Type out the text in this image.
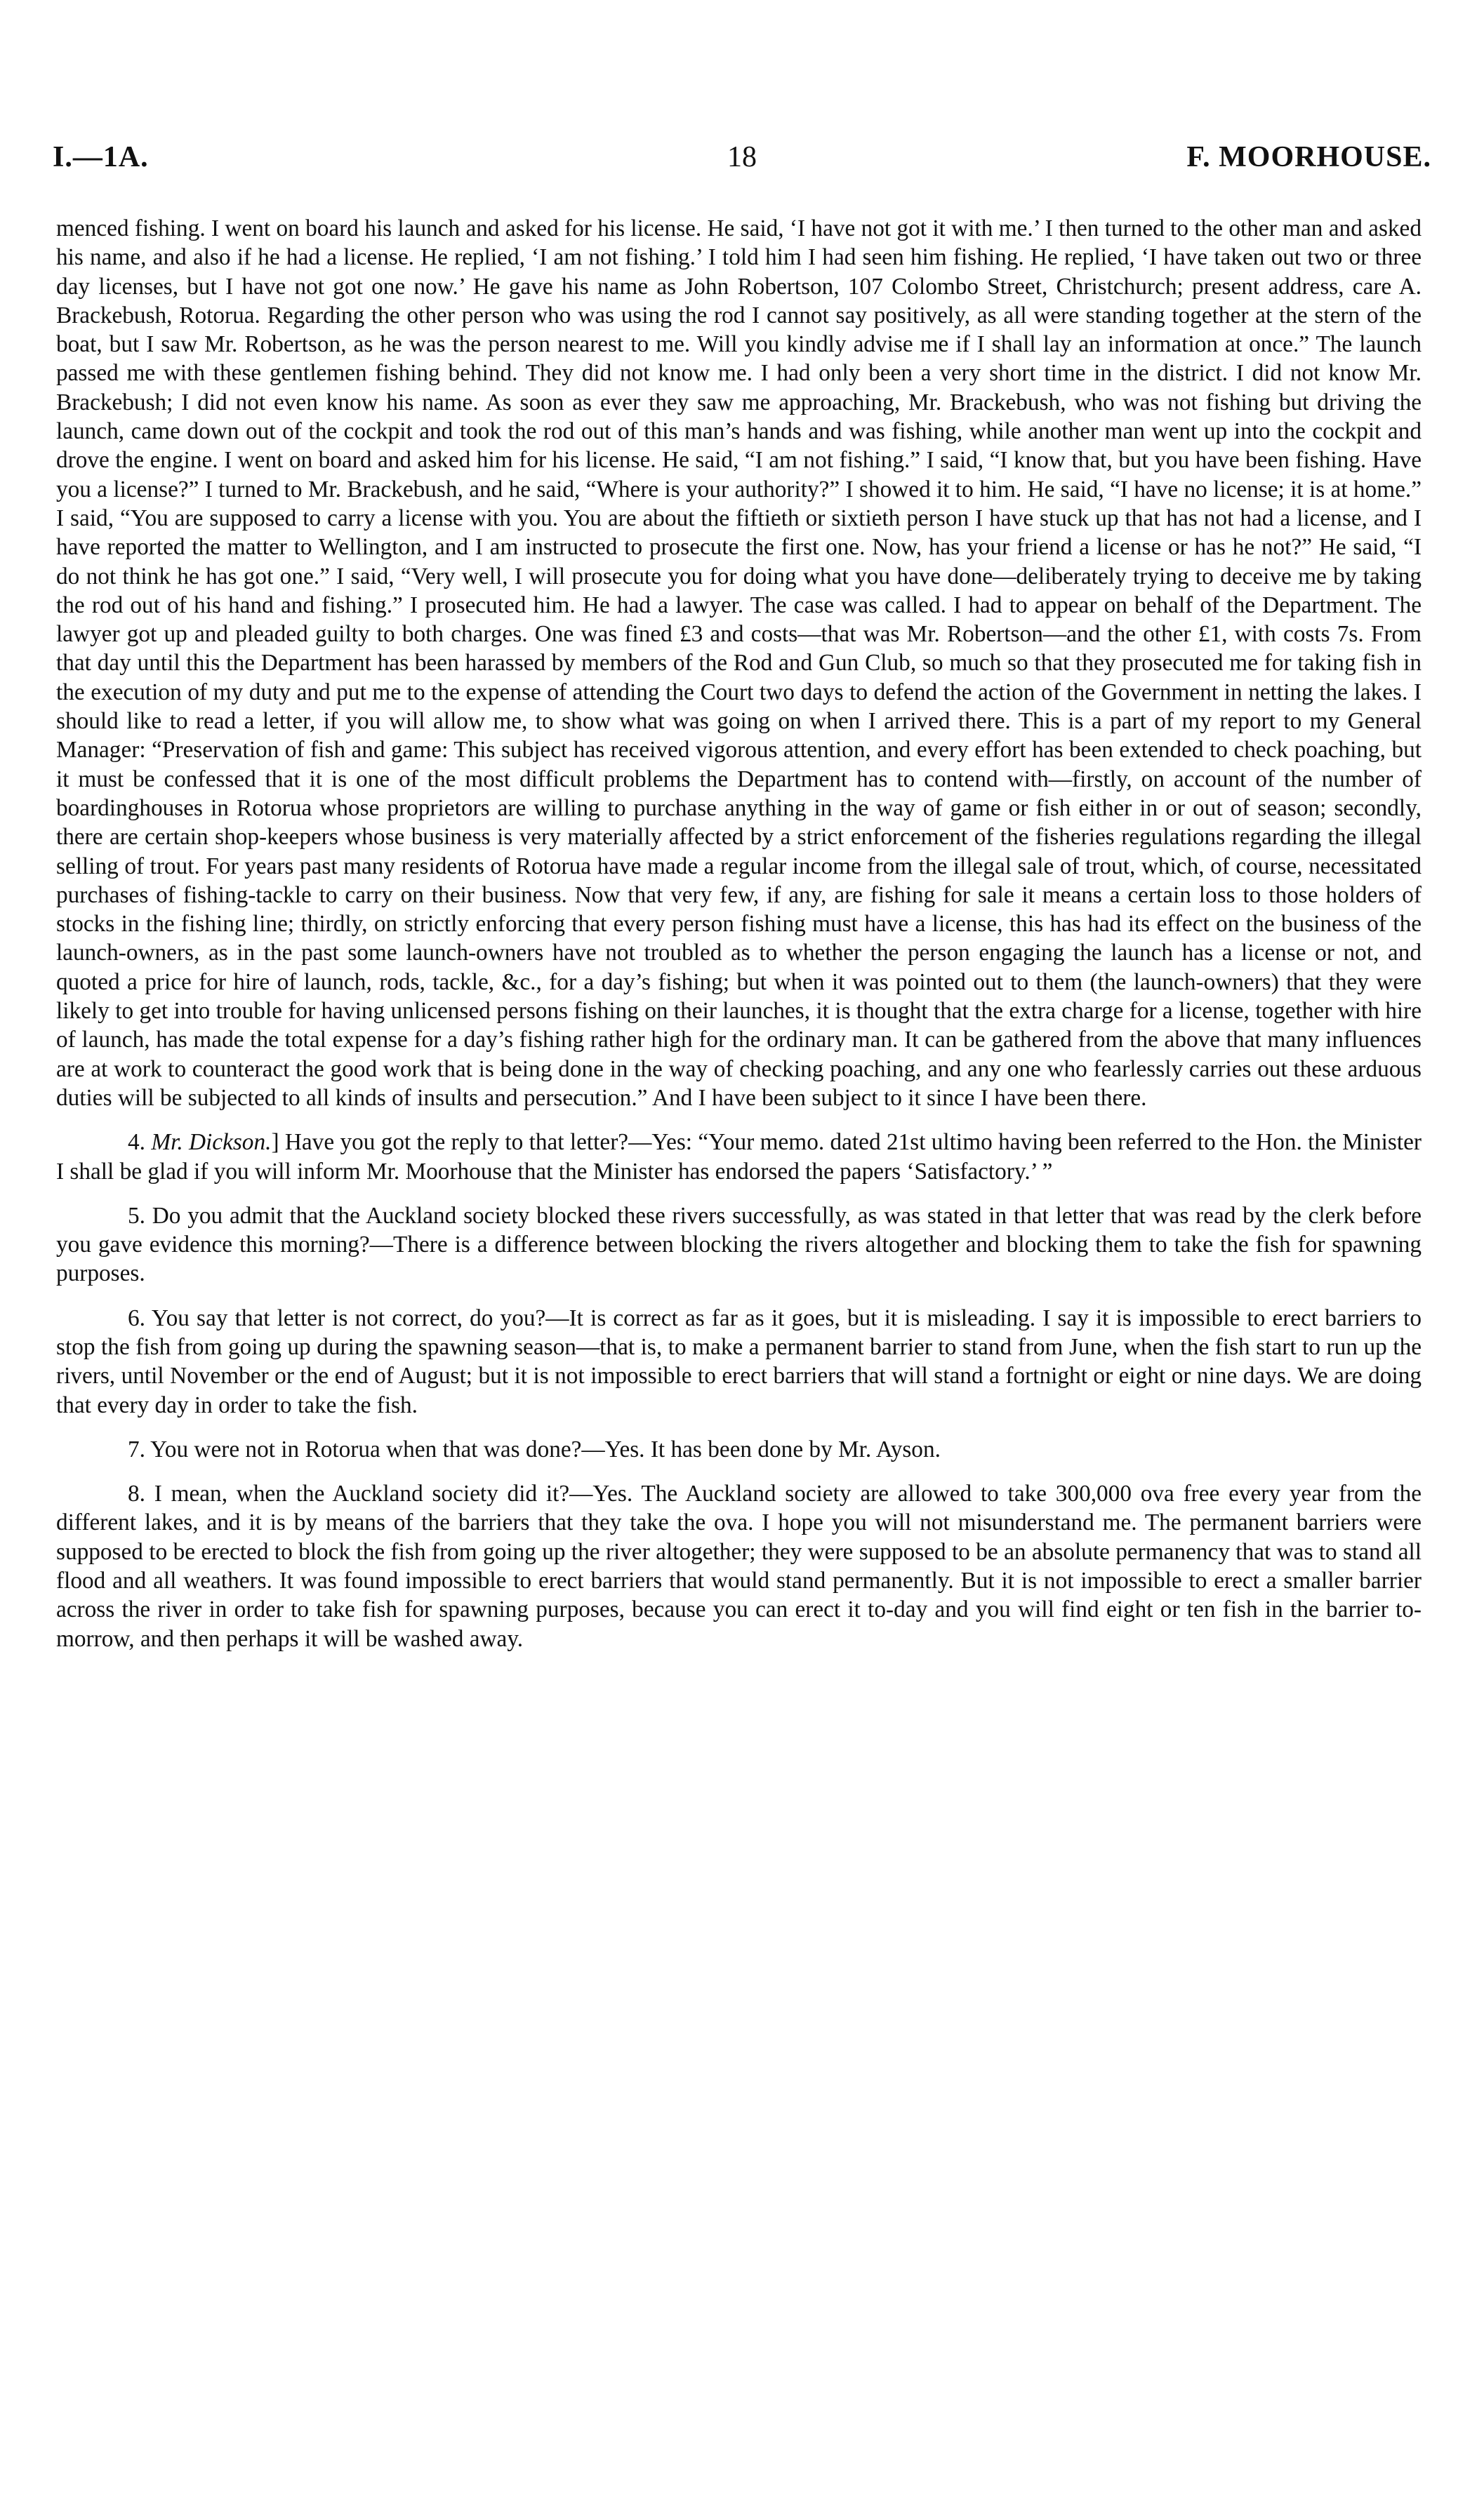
I.—1A.	18	F. MOORHOUSE.

menced fishing. I went on board his launch and asked for his license. He said, ‘I have not got it with me.’ I then turned to the other man and asked his name, and also if he had a license. He replied, ‘I am not fishing.’ I told him I had seen him fishing. He replied, ‘I have taken out two or three day licenses, but I have not got one now.’ He gave his name as John Robertson, 107 Colombo Street, Christchurch; present address, care A. Brackebush, Rotorua. Regarding the other person who was using the rod I cannot say positively, as all were standing together at the stern of the boat, but I saw Mr. Robertson, as he was the person nearest to me. Will you kindly advise me if I shall lay an information at once.” The launch passed me with these gentlemen fishing behind. They did not know me. I had only been a very short time in the district. I did not know Mr. Brackebush; I did not even know his name. As soon as ever they saw me approaching, Mr. Brackebush, who was not fishing but driving the launch, came down out of the cockpit and took the rod out of this man’s hands and was fishing, while another man went up into the cockpit and drove the engine. I went on board and asked him for his license. He said, “I am not fishing.” I said, “I know that, but you have been fishing. Have you a license?” I turned to Mr. Brackebush, and he said, “Where is your authority?” I showed it to him. He said, “I have no license; it is at home.” I said, “You are supposed to carry a license with you. You are about the fiftieth or sixtieth person I have stuck up that has not had a license, and I have reported the matter to Wellington, and I am instructed to prosecute the first one. Now, has your friend a license or has he not?” He said, “I do not think he has got one.” I said, “Very well, I will prosecute you for doing what you have done—deliberately trying to deceive me by taking the rod out of his hand and fishing.” I prosecuted him. He had a lawyer. The case was called. I had to appear on behalf of the Department. The lawyer got up and pleaded guilty to both charges. One was fined £3 and costs—that was Mr. Robertson—and the other £1, with costs 7s. From that day until this the Department has been harassed by members of the Rod and Gun Club, so much so that they prosecuted me for taking fish in the execution of my duty and put me to the expense of attending the Court two days to defend the action of the Government in netting the lakes. I should like to read a letter, if you will allow me, to show what was going on when I arrived there. This is a part of my report to my General Manager: “Preservation of fish and game: This subject has received vigorous attention, and every effort has been extended to check poaching, but it must be confessed that it is one of the most difficult problems the Department has to contend with—firstly, on account of the number of boardinghouses in Rotorua whose proprietors are willing to purchase anything in the way of game or fish either in or out of season; secondly, there are certain shop-keepers whose business is very materially affected by a strict enforcement of the fisheries regulations regarding the illegal selling of trout. For years past many residents of Rotorua have made a regular income from the illegal sale of trout, which, of course, necessitated purchases of fishing-tackle to carry on their business. Now that very few, if any, are fishing for sale it means a certain loss to those holders of stocks in the fishing line; thirdly, on strictly enforcing that every person fishing must have a license, this has had its effect on the business of the launch-owners, as in the past some launch-owners have not troubled as to whether the person engaging the launch has a license or not, and quoted a price for hire of launch, rods, tackle, &c., for a day’s fishing; but when it was pointed out to them (the launch-owners) that they were likely to get into trouble for having unlicensed persons fishing on their launches, it is thought that the extra charge for a license, together with hire of launch, has made the total expense for a day’s fishing rather high for the ordinary man. It can be gathered from the above that many influences are at work to counteract the good work that is being done in the way of checking poaching, and any one who fearlessly carries out these arduous duties will be subjected to all kinds of insults and persecution.” And I have been subject to it since I have been there.

4. Mr. Dickson.] Have you got the reply to that letter?—Yes: “Your memo. dated 21st ultimo having been referred to the Hon. the Minister I shall be glad if you will inform Mr. Moorhouse that the Minister has endorsed the papers ‘Satisfactory.’ ”

5. Do you admit that the Auckland society blocked these rivers successfully, as was stated in that letter that was read by the clerk before you gave evidence this morning?—There is a difference between blocking the rivers altogether and blocking them to take the fish for spawning purposes.

6. You say that letter is not correct, do you?—It is correct as far as it goes, but it is misleading. I say it is impossible to erect barriers to stop the fish from going up during the spawning season—that is, to make a permanent barrier to stand from June, when the fish start to run up the rivers, until November or the end of August; but it is not impossible to erect barriers that will stand a fortnight or eight or nine days. We are doing that every day in order to take the fish.

7. You were not in Rotorua when that was done?—Yes. It has been done by Mr. Ayson.

8. I mean, when the Auckland society did it?—Yes. The Auckland society are allowed to take 300,000 ova free every year from the different lakes, and it is by means of the barriers that they take the ova. I hope you will not misunderstand me. The permanent barriers were supposed to be erected to block the fish from going up the river altogether; they were supposed to be an absolute permanency that was to stand all flood and all weathers. It was found impossible to erect barriers that would stand permanently. But it is not impossible to erect a smaller barrier across the river in order to take fish for spawning purposes, because you can erect it to-day and you will find eight or ten fish in the barrier to-morrow, and then perhaps it will be washed away.
